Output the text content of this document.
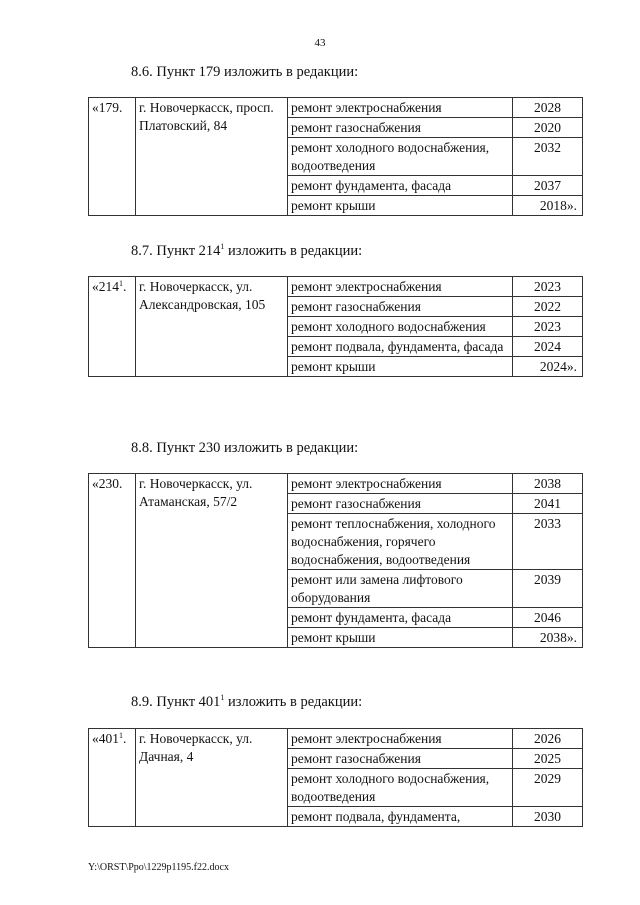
43
8.6. Пункт 179 изложить в редакции:
«179.	г. Новочеркасск, просп. Платовский, 84	ремонт электроснабжения	2028
		ремонт газоснабжения	2020
		ремонт холодного водоснабжения, водоотведения	2032
		ремонт фундамента, фасада	2037
		ремонт крыши	2018».
8.7. Пункт $214^1$ изложить в редакции:
«$214^1$.	г. Новочеркасск, ул. Александровская, 105	ремонт электроснабжения	2023
		ремонт газоснабжения	2022
		ремонт холодного водоснабжения	2023
		ремонт подвала, фундамента, фасада	2024
		ремонт крыши	2024».
8.8. Пункт 230 изложить в редакции:
«230.	г. Новочеркасск, ул. Атаманская, 57/2	ремонт электроснабжения	2038
		ремонт газоснабжения	2041
		ремонт теплоснабжения, холодного водоснабжения, горячего водоснабжения, водоотведения	2033
		ремонт или замена лифтового оборудования	2039
		ремонт фундамента, фасада	2046
		ремонт крыши	2038».
8.9. Пункт $401^1$ изложить в редакции:
«$401^1$.	г. Новочеркасск, ул. Дачная, 4	ремонт электроснабжения	2026
		ремонт газоснабжения	2025
		ремонт холодного водоснабжения, водоотведения	2029
		ремонт подвала, фундамента,	2030
Y:\ORST\Ppo\1229p1195.f22.docx
